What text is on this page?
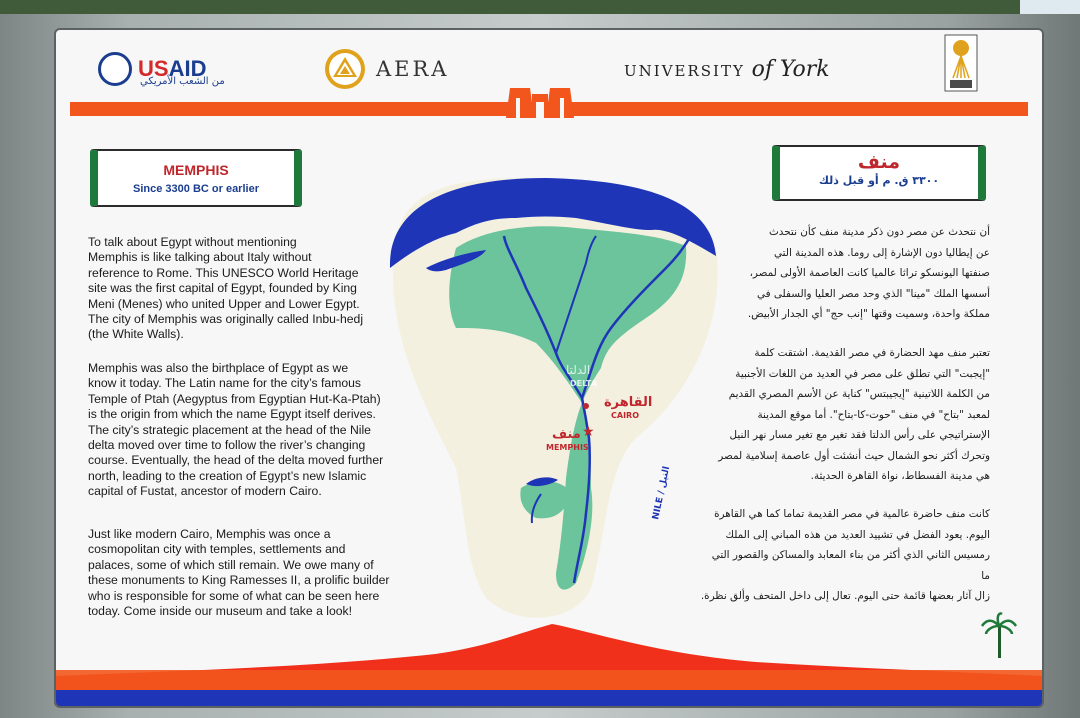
USAID
من الشعب الأمريكي
AERA	UNIVERSITY of York
MEMPHIS
Since 3300 BC or earlier
منف
٣٣٠٠ ق. م أو قبل ذلك
To talk about Egypt without mentioning
Memphis is like talking about Italy without
reference to Rome. This UNESCO World Heritage
site was the first capital of Egypt, founded by King
Meni (Menes) who united Upper and Lower Egypt.
The city of Memphis was originally called Inbu-hedj
(the White Walls).
Memphis was also the birthplace of Egypt as we
know it today. The Latin name for the city’s famous
Temple of Ptah (Aegyptus from Egyptian Hut-Ka-Ptah)
is the origin from which the name Egypt itself derives.
The city’s strategic placement at the head of the Nile
delta moved over time to follow the river’s changing
course. Eventually, the head of the delta moved further
north, leading to the creation of Egypt’s new Islamic
capital of Fustat, ancestor of modern Cairo.
Just like modern Cairo, Memphis was once a
cosmopolitan city with temples, settlements and
palaces, some of which still remain. We owe many of
these monuments to King Ramesses II, a prolific builder
who is responsible for some of what can be seen here
today. Come inside our museum and take a look!
أن نتحدث عن مصر دون ذكر مدينة منف كأن نتحدث
عن إيطاليا دون الإشارة إلى روما. هذه المدينة التي
صنفتها اليونسكو تراثا عالميا كانت العاصمة الأولى لمصر،
أسسها الملك "مينا" الذي وحد مصر العليا والسفلى في
مملكة واحدة، وسميت وقتها "إنب حج" أي الجدار الأبيض.
تعتبر منف مهد الحضارة في مصر القديمة. اشتقت كلمة
"إيجبت" التي تطلق على مصر في العديد من اللغات الأجنبية
من الكلمة اللاتينية "إيجيبتس" كناية عن الأسم المصري القديم
لمعبد "بتاح" في منف "حوت-كا-بتاح". أما موقع المدينة
الإستراتيجي على رأس الدلتا فقد تغير مع تغير مسار نهر النيل
وتحرك أكثر نحو الشمال حيث أنشئت أول عاصمة إسلامية لمصر
هي مدينة الفسطاط، نواة القاهرة الحديثة.
كانت منف حاضرة عالمية في مصر القديمة تماما كما هي القاهرة
اليوم. يعود الفضل في تشييد العديد من هذه المباني إلى الملك
رمسيس الثاني الذي أكثر من بناء المعابد والمساكن والقصور التي ما
زال آثار بعضها قائمة حتى اليوم. تعال إلى داخل المتحف وألق نظرة.
★
الدلتا
DELTA
القاهرة
CAIRO
منف
MEMPHIS
NILE / النيل
